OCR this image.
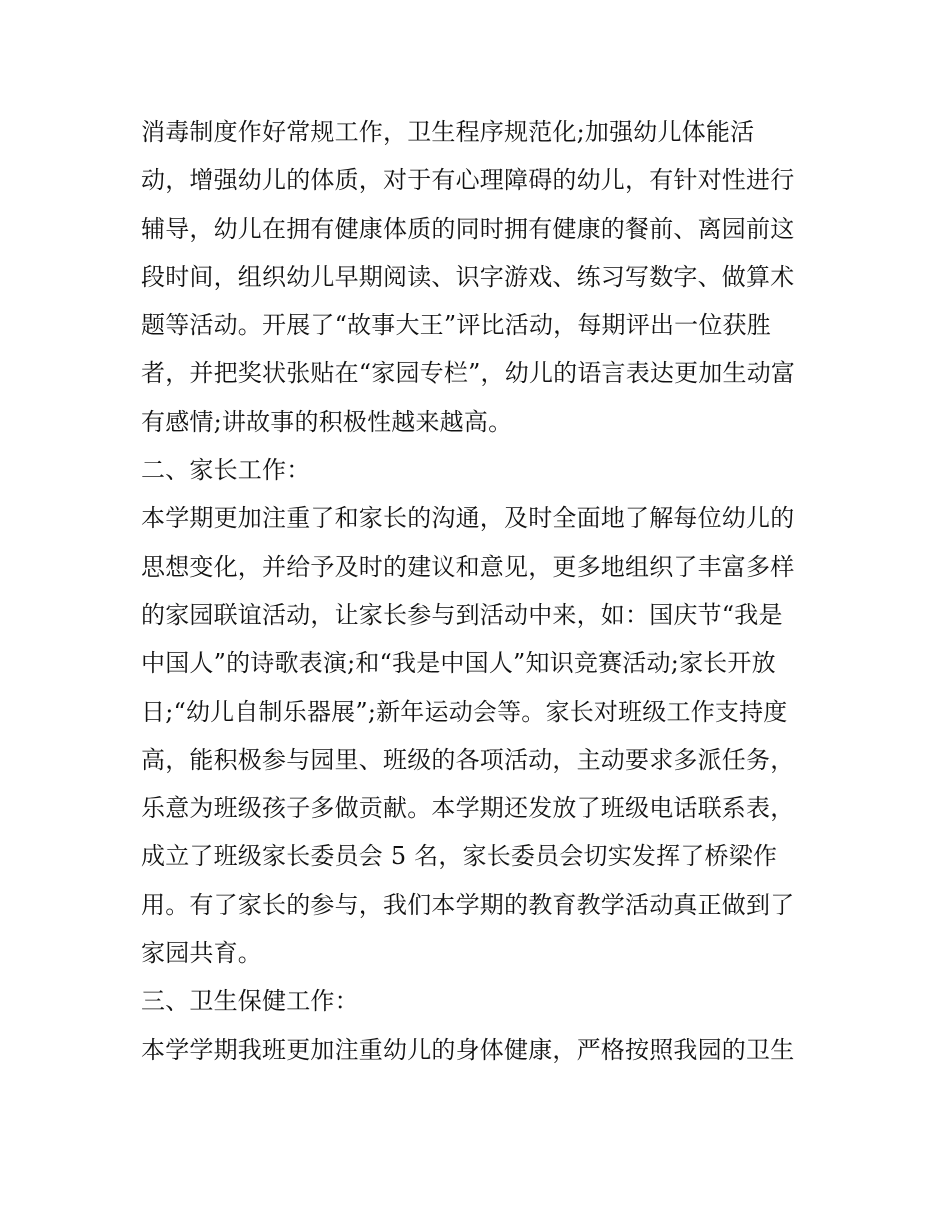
消毒制度作好常规工作，卫生程序规范化;加强幼儿体能活
动，增强幼儿的体质，对于有心理障碍的幼儿，有针对性进行
辅导，幼儿在拥有健康体质的同时拥有健康的餐前、离园前这
段时间，组织幼儿早期阅读、识字游戏、练习写数字、做算术
题等活动。开展了“故事大王”评比活动，每期评出一位获胜
者，并把奖状张贴在“家园专栏”，幼儿的语言表达更加生动富
有感情;讲故事的积极性越来越高。
二、家长工作：
本学期更加注重了和家长的沟通，及时全面地了解每位幼儿的
思想变化，并给予及时的建议和意见，更多地组织了丰富多样
的家园联谊活动，让家长参与到活动中来，如：国庆节“我是
中国人”的诗歌表演;和“我是中国人”知识竞赛活动;家长开放
日;“幼儿自制乐器展”;新年运动会等。家长对班级工作支持度
高，能积极参与园里、班级的各项活动，主动要求多派任务，
乐意为班级孩子多做贡献。本学期还发放了班级电话联系表，
成立了班级家长委员会 5 名，家长委员会切实发挥了桥梁作
用。有了家长的参与，我们本学期的教育教学活动真正做到了
家园共育。
三、卫生保健工作：
本学学期我班更加注重幼儿的身体健康，严格按照我园的卫生
